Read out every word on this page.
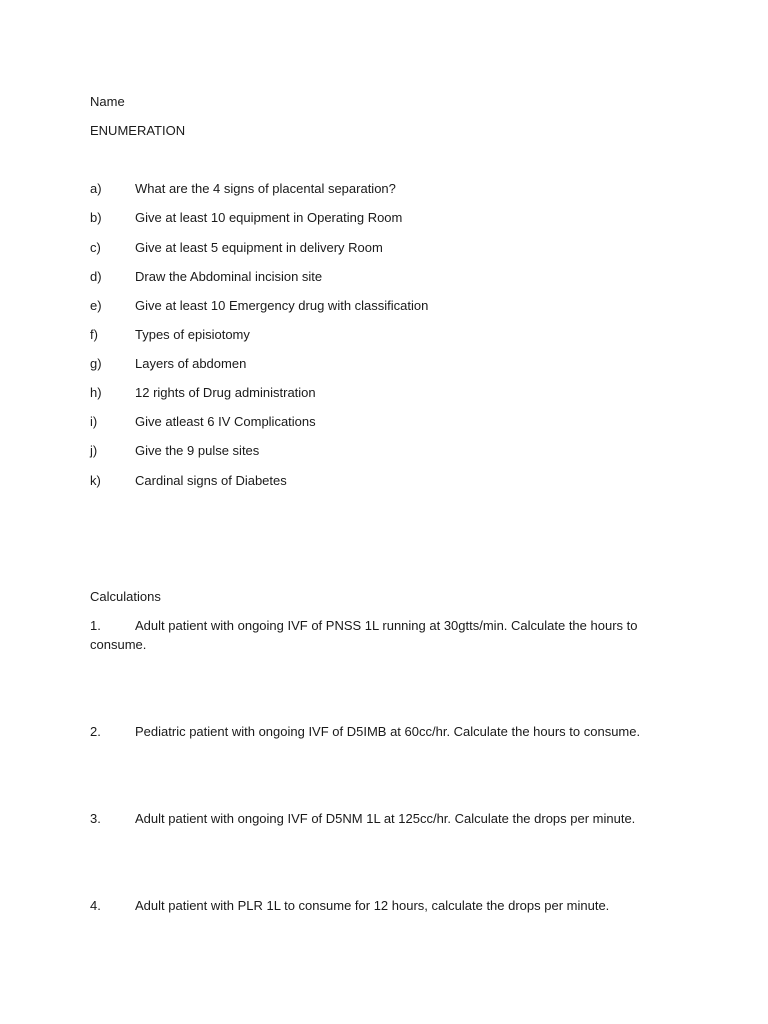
Name
ENUMERATION
a)	What are the 4 signs of placental separation?
b)	Give at least 10 equipment in Operating Room
c)	Give at least 5 equipment in delivery Room
d)	Draw the Abdominal incision site
e)	Give at least 10 Emergency drug with classification
f)	Types of episiotomy
g)	Layers of abdomen
h)	12 rights of Drug administration
i)	Give atleast 6 IV Complications
j)	Give the 9 pulse sites
k)	Cardinal signs of Diabetes
Calculations
1.	Adult patient with ongoing IVF of PNSS 1L running at 30gtts/min. Calculate the hours to consume.
2.	Pediatric patient with ongoing IVF of D5IMB at 60cc/hr. Calculate the hours to consume.
3.	Adult patient with ongoing IVF of D5NM 1L at 125cc/hr. Calculate the drops per minute.
4.	Adult patient with PLR 1L to consume for 12 hours, calculate the drops per minute.
